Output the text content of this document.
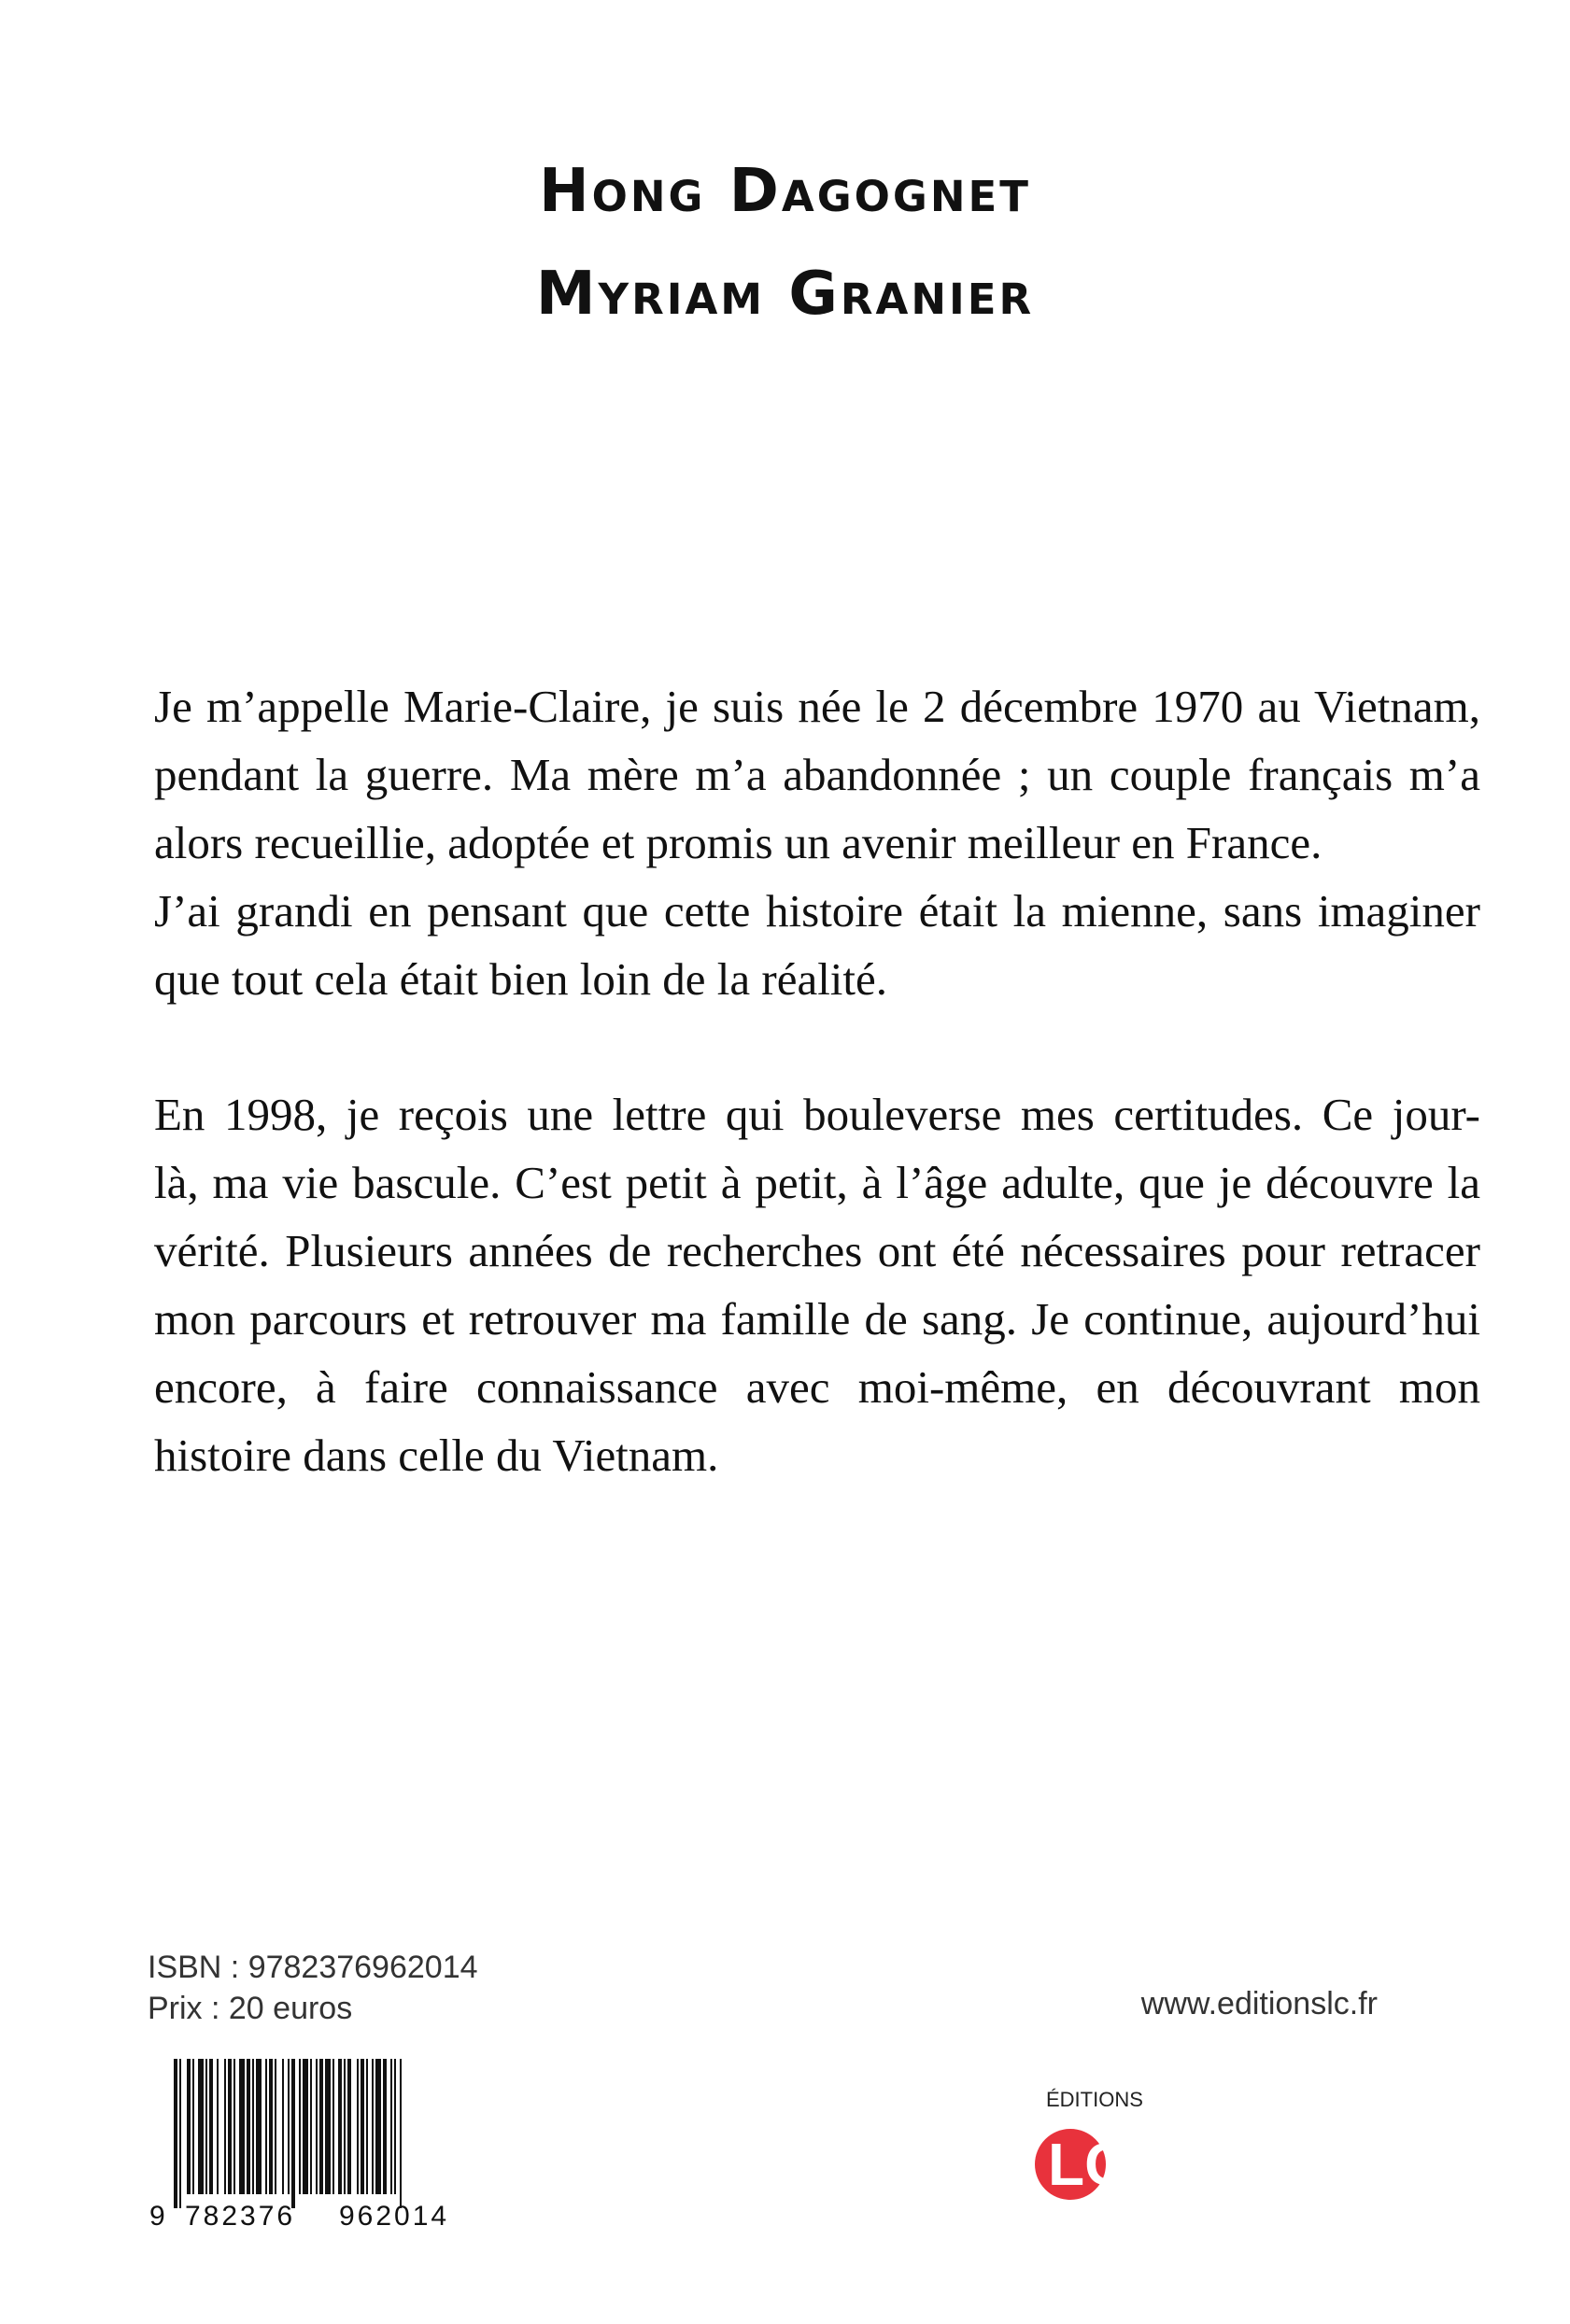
Hong Dagognet
Myriam Granier
Je m’appelle Marie-Claire, je suis née le 2 décembre 1970 au Vietnam,
pendant la guerre. Ma mère m’a abandonnée ; un couple français m’a
alors recueillie, adoptée et promis un avenir meilleur en France.
J’ai grandi en pensant que cette histoire était la mienne, sans imaginer
que tout cela était bien loin de la réalité.
En 1998, je reçois une lettre qui bouleverse mes certitudes. Ce jour-
là, ma vie bascule. C’est petit à petit, à l’âge adulte, que je découvre la
vérité. Plusieurs années de recherches ont été nécessaires pour retracer
mon parcours et retrouver ma famille de sang. Je continue, aujourd’hui
encore, à faire connaissance avec moi-même, en découvrant mon
histoire dans celle du Vietnam.
ISBN : 9782376962014
Prix : 20 euros	www.editionslc.fr
9 782376 962014
ÉDITIONS
LC.
